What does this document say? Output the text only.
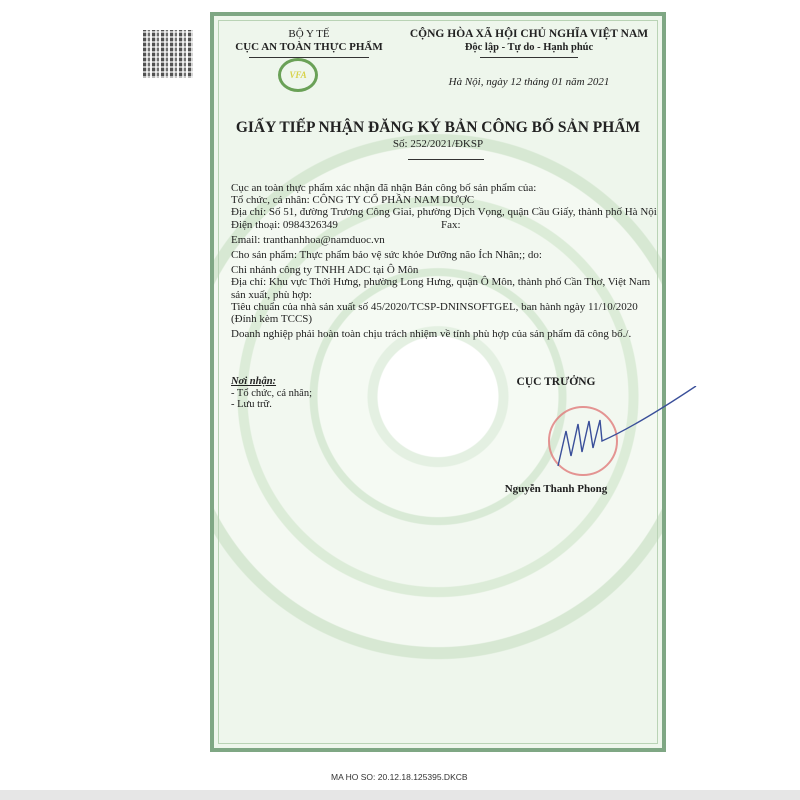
BỘ Y TẾ
CỤC AN TOÀN THỰC PHẨM
VFA
CỘNG HÒA XÃ HỘI CHỦ NGHĨA VIỆT NAM
Độc lập - Tự do - Hạnh phúc
Hà Nội, ngày 12 tháng 01 năm 2021
GIẤY TIẾP NHẬN ĐĂNG KÝ BẢN CÔNG BỐ SẢN PHẨM
Số: 252/2021/ĐKSP

Cục an toàn thực phẩm xác nhận đã nhận Bản công bố sản phẩm của:

Tổ chức, cá nhân: CÔNG TY CỔ PHẦN NAM DƯỢC

Địa chỉ: Số 51, đường Trương Công Giai, phường Dịch Vọng, quận Cầu Giấy, thành phố Hà Nội

Điện thoại: 0984326349	Fax:

Email: tranthanhhoa@namduoc.vn

Cho sản phẩm: Thực phẩm bảo vệ sức khỏe Dưỡng não Ích Nhân;; do:

Chi nhánh công ty TNHH ADC tại Ô Môn

Địa chỉ: Khu vực Thới Hưng, phường Long Hưng, quận Ô Môn, thành phố Cần Thơ, Việt Nam sản xuất, phù hợp:

Tiêu chuẩn của nhà sản xuất số 45/2020/TCSP-DNINSOFTGEL, ban hành ngày 11/10/2020 (Đính kèm TCCS)

Doanh nghiệp phải hoàn toàn chịu trách nhiệm về tính phù hợp của sản phẩm đã công bố./.

Nơi nhận:
- Tổ chức, cá nhân;
- Lưu trữ.
CỤC TRƯỞNG
Nguyễn Thanh Phong
MA HO SO: 20.12.18.125395.DKCB
